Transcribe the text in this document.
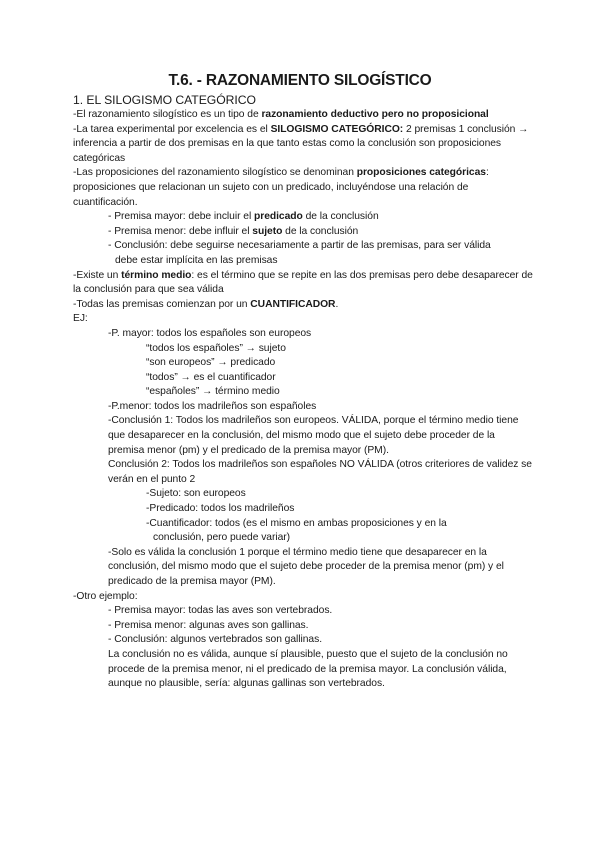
T.6. - RAZONAMIENTO SILOGÍSTICO
1. EL SILOGISMO CATEGÓRICO

-El razonamiento silogístico es un tipo de razonamiento deductivo pero no proposicional

-La tarea experimental por excelencia es el SILOGISMO CATEGÓRICO: 2 premisas 1 conclusión → inferencia a partir de dos premisas en la que tanto estas como la conclusión son proposiciones categóricas

-Las proposiciones del razonamiento silogístico se denominan proposiciones categóricas: proposiciones que relacionan un sujeto con un predicado, incluyéndose una relación de cuantificación.

- Premisa mayor: debe incluir el predicado de la conclusión

- Premisa menor: debe influir el sujeto de la conclusión

- Conclusión: debe seguirse necesariamente a partir de las premisas, para ser válida
debe estar implícita en las premisas

-Existe un término medio: es el término que se repite en las dos premisas pero debe desaparecer de la conclusión para que sea válida

-Todas las premisas comienzan por un CUANTIFICADOR.

EJ:

-P. mayor: todos los españoles son europeos

“todos los españoles” → sujeto

“son europeos” → predicado

“todos” → es el cuantificador

“españoles” → término medio

-P.menor: todos los madrileños son españoles

-Conclusión 1: Todos los madrileños son europeos. VÁLIDA, porque el término medio tiene que desaparecer en la conclusión, del mismo modo que el sujeto debe proceder de la premisa menor (pm) y el predicado de la premisa mayor (PM).

Conclusión 2: Todos los madrileños son españoles NO VÁLIDA (otros criteriores de validez se verán en el punto 2

-Sujeto: son europeos

-Predicado: todos los madrileños

-Cuantificador: todos (es el mismo en ambas proposiciones y en la
conclusión, pero puede variar)

-Solo es válida la conclusión 1 porque el término medio tiene que desaparecer en la conclusión, del mismo modo que el sujeto debe proceder de la premisa menor (pm) y el predicado de la premisa mayor (PM).

-Otro ejemplo:

- Premisa mayor: todas las aves son vertebrados.

- Premisa menor: algunas aves son gallinas.

- Conclusión: algunos vertebrados son gallinas.

La conclusión no es válida, aunque sí plausible, puesto que el sujeto de la conclusión no procede de la premisa menor, ni el predicado de la premisa mayor. La conclusión válida, aunque no plausible, sería: algunas gallinas son vertebrados.
